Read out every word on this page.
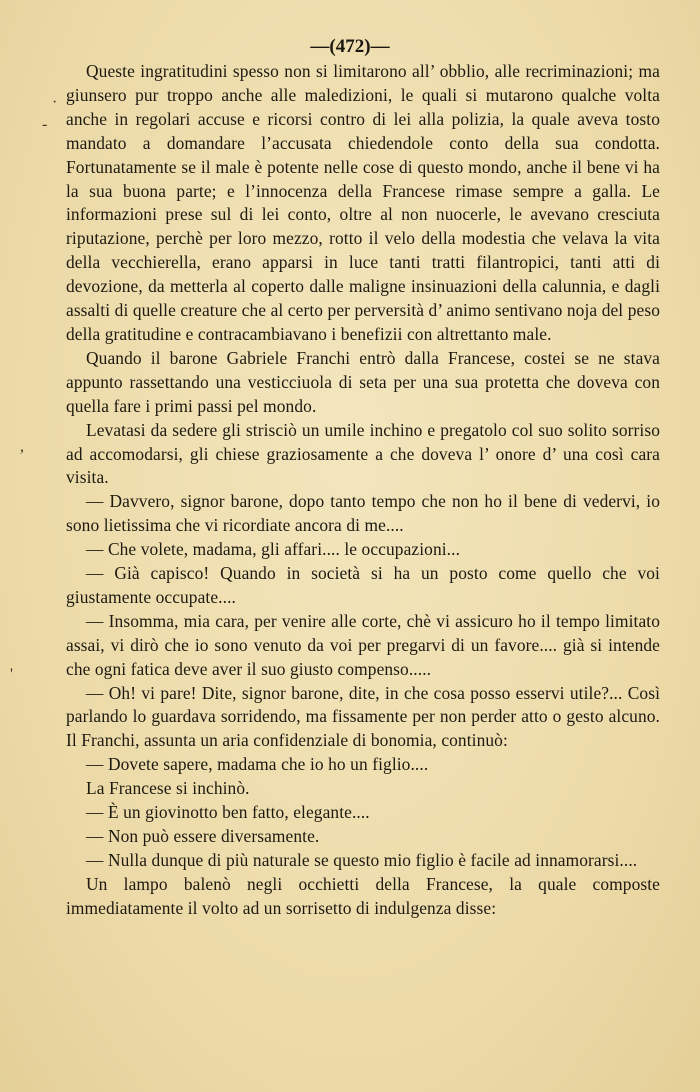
—(472)—
·
-
,
'

Queste ingratitudini spesso non si limitarono all’ obblio, alle recriminazioni; ma giunsero pur troppo anche alle maledizioni, le quali si mutarono qualche volta anche in regolari accuse e ricorsi contro di lei alla polizia, la quale aveva tosto mandato a domandare l’accusata chiedendole conto della sua condotta. Fortunatamente se il male è potente nelle cose di questo mondo, anche il bene vi ha la sua buona parte; e l’innocenza della Francese rimase sempre a galla. Le informazioni prese sul di lei conto, oltre al non nuocerle, le avevano cresciuta riputazione, perchè per loro mezzo, rotto il velo della modestia che velava la vita della vecchierella, erano apparsi in luce tanti tratti filantropici, tanti atti di devozione, da metterla al coperto dalle maligne insinuazioni della calunnia, e dagli assalti di quelle creature che al certo per perversità d’ animo sentivano noja del peso della gratitudine e contracambiavano i benefizii con altrettanto male.

Quando il barone Gabriele Franchi entrò dalla Francese, costei se ne stava appunto rassettando una vesticciuola di seta per una sua protetta che doveva con quella fare i primi passi pel mondo.

Levatasi da sedere gli strisciò un umile inchino e pregatolo col suo solito sorriso ad accomodarsi, gli chiese graziosamente a che doveva l’ onore d’ una così cara visita.

— Davvero, signor barone, dopo tanto tempo che non ho il bene di vedervi, io sono lietissima che vi ricordiate ancora di me....

— Che volete, madama, gli affari.... le occupazioni...

— Già capisco! Quando in società si ha un posto come quello che voi giustamente occupate....

— Insomma, mia cara, per venire alle corte, chè vi assicuro ho il tempo limitato assai, vi dirò che io sono venuto da voi per pregarvi di un favore.... già si intende che ogni fatica deve aver il suo giusto compenso.....

— Oh! vi pare! Dite, signor barone, dite, in che cosa posso esservi utile?... Così parlando lo guardava sorridendo, ma fissamente per non perder atto o gesto alcuno. Il Franchi, assunta un aria confidenziale di bonomia, continuò:

— Dovete sapere, madama che io ho un figlio....

La Francese si inchinò.

— È un giovinotto ben fatto, elegante....

— Non può essere diversamente.

— Nulla dunque di più naturale se questo mio figlio è facile ad innamorarsi....

Un lampo balenò negli occhietti della Francese, la quale composte immediatamente il volto ad un sorrisetto di indulgenza disse:
